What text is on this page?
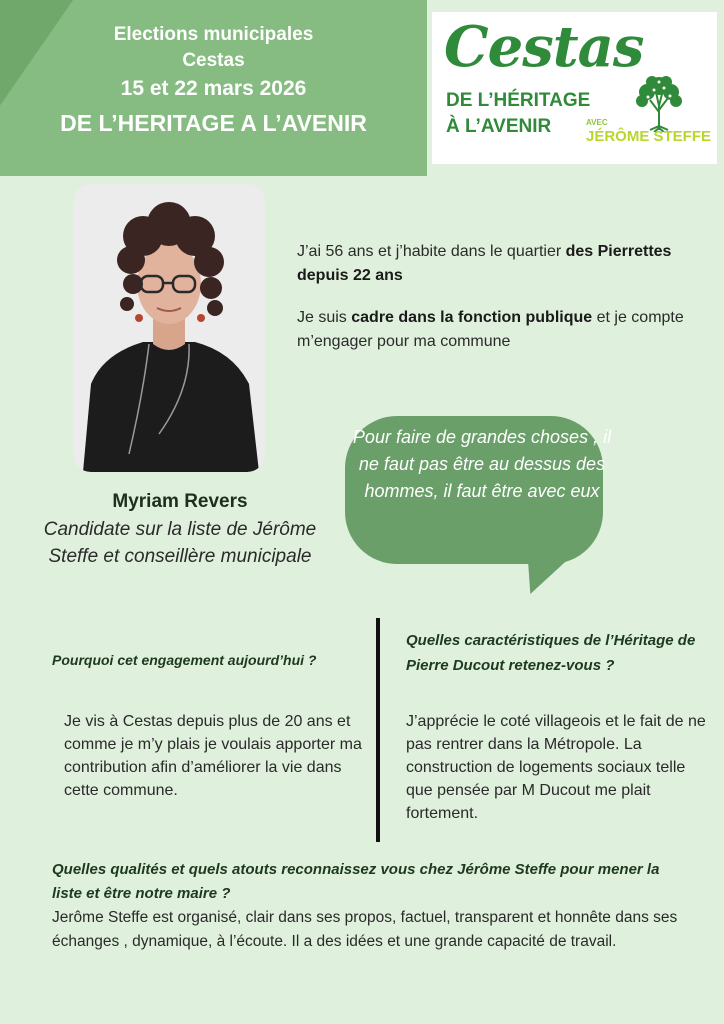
Elections municipales
Cestas
15 et 22 mars 2026
DE L’HERITAGE A L’AVENIR
Cestas
DE L’HÉRITAGE
À L’AVENIR	AVEC
JÉRÔME STEFFE

J’ai 56 ans et j’habite dans le quartier des Pierrettes depuis 22 ans

Je suis cadre dans la fonction publique et je compte m’engager pour ma commune

Pour faire de grandes choses , il ne faut pas être au dessus des hommes, il faut être avec eux
Myriam Revers
Candidate sur la liste de Jérôme Steffe et conseillère municipale
Pourquoi cet engagement aujourd’hui ?
Je vis à Cestas depuis plus de 20 ans et comme je m’y plais je voulais apporter ma contribution afin d’améliorer la vie dans cette commune.
Quelles caractéristiques de l’Héritage de Pierre Ducout retenez-vous ?
J’apprécie le coté villageois et le fait de ne pas rentrer dans la Métropole. La construction de logements sociaux telle que pensée par M Ducout me plait fortement.
Quelles qualités et quels atouts reconnaissez vous chez Jérôme Steffe pour mener la liste et être notre maire ?
Jerôme Steffe est organisé, clair dans ses propos, factuel, transparent et honnête dans ses échanges , dynamique, à l’écoute. Il a des idées et une grande capacité de travail.
